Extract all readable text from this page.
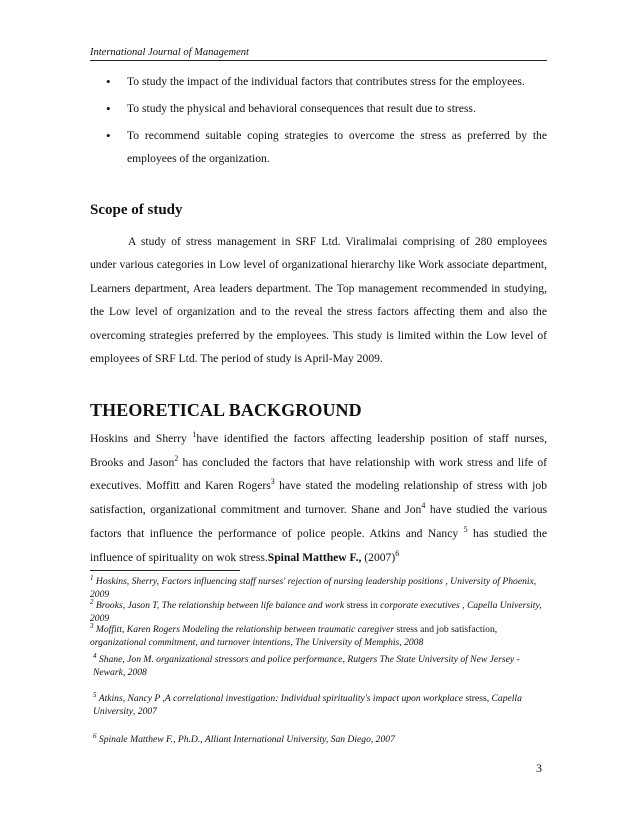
International Journal of Management
• To study the impact of the individual factors that contributes stress for the employees.
• To study the physical and behavioral consequences that result due to stress.
• To recommend suitable coping strategies to overcome the stress as preferred by the employees of the organization.
Scope of study

A study of stress management in SRF Ltd. Viralimalai comprising of 280 employees under various categories in Low level of organizational hierarchy like Work associate department, Learners department, Area leaders department. The Top management recommended in studying, the Low level of organization and to the reveal the stress factors affecting them and also the overcoming strategies preferred by the employees. This study is limited within the Low level of employees of SRF Ltd. The period of study is April-May 2009.

THEORETICAL BACKGROUND

Hoskins and Sherry $^1$have identified the factors affecting leadership position of staff nurses, Brooks and Jason$^2$ has concluded the factors that have relationship with work stress and life of executives. Moffitt and Karen Rogers$^3$ have stated the modeling relationship of stress with job satisfaction, organizational commitment and turnover. Shane and Jon$^4$ have studied the various factors that influence the performance of police people. Atkins and Nancy $^5$ has studied the influence of spirituality on wok stress.Spinal Matthew F., $(2007)^6$

$^1$ Hoskins, Sherry, Factors influencing staff nurses' rejection of nursing leadership positions , University of Phoenix, 2009

$^2$ Brooks, Jason T, The relationship between life balance and work stress in corporate executives , Capella University, 2009

$^3$ Moffitt, Karen Rogers Modeling the relationship between traumatic caregiver stress and job satisfaction, organizational commitment, and turnover intentions, The University of Memphis, 2008

$^4$ Shane, Jon M. organizational stressors and police performance, Rutgers The State University of New Jersey - Newark, 2008

$^5$ Atkins, Nancy P ,A correlational investigation: Individual spirituality's impact upon workplace stress, Capella University, 2007

$^6$ Spinale Matthew F., Ph.D., Alliant International University, San Diego, 2007

3
